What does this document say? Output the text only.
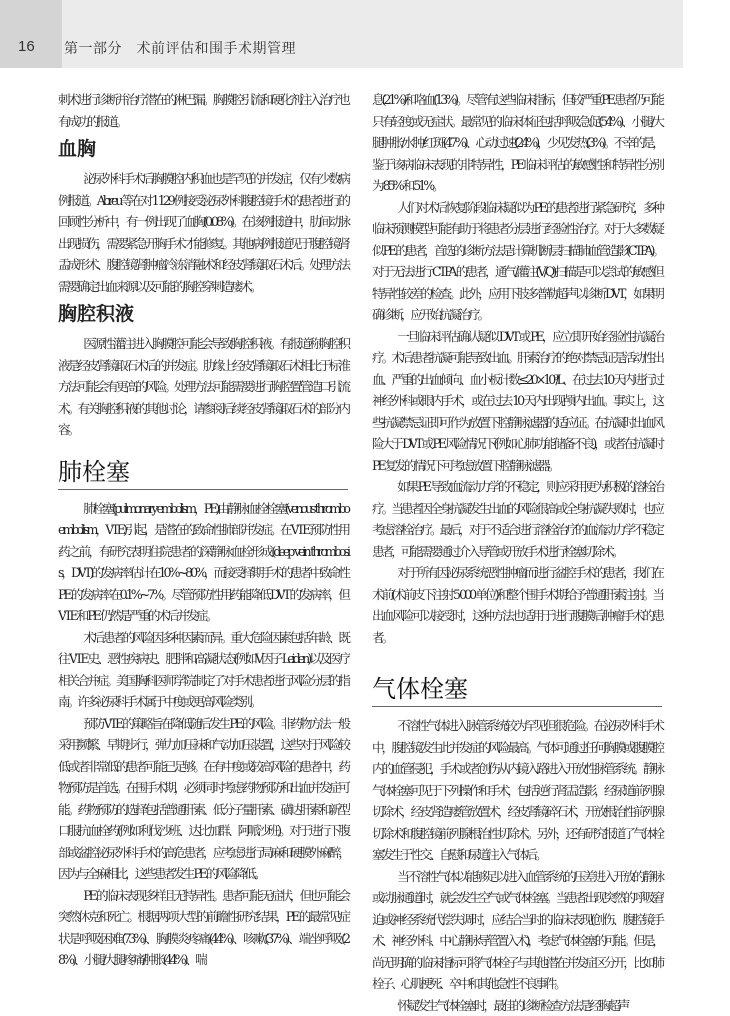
16 第一部分　术前评估和围手术期管理

刺术进行诊断并治疗潜在的淋巴漏。胸膜腔引流和硬化剂注入治疗也有成功的报道。

血胸

泌尿外科手术后胸膜腔内积血也是罕见的并发症，仅有少数病例报道。Abreu 等在对 1 129 例接受泌尿外科腹腔镜手术的患者进行的回顾性分析中，有一例出现了血胸(0.08%)。在该例报道中，肋间动脉出现损伤，需要紧急开胸手术才能修复。其他病例报道见于腹腔镜肾盂成形术、腹腔镜肾肿瘤冷冻消融术和经皮肾镜取石术后。处理方法需要确定出血来源以及可能的胸腔穿刺造瘘术。

胸腔积液

医源性灌注进入胸膜腔可能会导致胸腔积液。有报道称胸腔积液是经皮肾镜取石术后的并发症。肋缘上经皮肾镜取石术相比于标准方法可能会有更高的风险。处理方法可能需要进行胸腔置管造口引流术。有关胸腔积液的其他讨论，请参阅后续经皮肾镜取石术的部分内容。

肺栓塞

肺栓塞(pulmonary embolism，PE)由静脉血栓栓塞(venous thromboembolism，VTE)引起，是潜在的致命性肺部并发症。在 VTE 预防性用药之前，有研究表明住院患者的深静脉血栓形成(deep vein thrombosis，DVT)的发病率估计在10%~80%，而接受择期手术的患者中致命性 PE 的发病率在0.1%~7%。尽管预防性用药能降低 DVT 的发病率，但 VTE 和 PE 仍然是严重的术后并发症。

术后患者的风险因多种因素而异。重大危险因素包括年龄、既往 VTE 史、恶性疾病史、肥胖和高凝状态(例如Ⅴ因子 Leiden)以及医疗相关合并症。美国胸科医师学院制定了对手术患者进行风险分层的指南。许多泌尿科手术属于中度或更高风险类别。

预防 VTE 的策略旨在降低随后发生 PE 的风险。非药物方法一般采用频繁、早期步行，弹力加压袜和气动加压装置，这些对于风险较低或者非常低的患者可能已足够。在有中度或较高风险的患者中，药物预防是首选。在围手术期，必须同时考虑药物预防和出血并发症可能。药物预防的选择包括普通肝素、低分子量肝素、磺达肝素和新型口服抗血栓药(例如利伐沙班、达比加群、阿哌沙班)。对于进行下腹部或盆腔泌尿外科手术的高危患者，应考虑进行局麻和硬膜外麻醉，因为与全麻相比，这些患者发生 PE 的风险降低。

PE 的临床表现多样且无特异性。患者可能无症状，但也可能会突然休克和死亡。根据两项大型的前瞻性研究结果，PE 的最常见症状是呼吸困难(73%)、胸膜炎疼痛(44%)、咳嗽(37%)、端坐呼吸(28%)、小腿/大腿疼痛/肿胀(44%)、喘

息(21%)和咯血(13%)。尽管有这些临床指标，但较严重 PE 患者仍可能只有轻度或无症状。最常见的临床体征包括呼吸急促(54%)、小腿/大腿肿胀/水肿/红斑(47%)、心动过速(24%)，少见发热(3%)。不幸的是，鉴于该病临床表现的非特异性，PE 临床评估的敏感性和特异性分别为 85% 和 51%。

人们对术后恢复阶段临床疑似为 PE 的患者进行紧急研究，多种临床预测模型可能有助于将患者分层进行经验性治疗。对于大多数疑似 PE 的患者，首选的诊断方法是计算机断层扫描肺血管造影(CTPA)。对于无法进行 CTPA 的患者，通气/灌注(V/Q)扫描是可以尝试的敏感但特异性较差的检查。此外，应用下肢多普勒超声以诊断 DVT，如果明确诊断，应开始抗凝治疗。

一旦临床评估确认疑似 DVT 或 PE，应立即开始经验性抗凝治疗。术后患者抗凝可能导致出血。肝素治疗的绝对禁忌证是活动性出血、严重的出血倾向、血小板计数≤20×10⁹/L、在过去 10 天内进行过神经外科或眼内手术，或在过去 10 天内出现颅内出血。事实上，这些抗凝禁忌证即可作为放置下腔静脉滤器的适应证。在抗凝时出血风险大于 DVT 或 PE 风险情况下(例如心肺功能储备不良)，或者在抗凝时 PE 复发的情况下可考虑放置下腔静脉滤器。

如果 PE 导致血流动力学的不稳定，则应采用更为积极的溶栓治疗。当患者因全身抗凝发生出血的风险很高或全身抗凝失败时，也应考虑溶栓治疗。最后，对于不适合进行溶栓治疗的血流动力学不稳定患者，可能需要通过介入导管或开放手术进行栓塞切除术。

对于所有因泌尿系统恶性肿瘤而进行盆腔手术的患者，我们在术前(术前皮下注射 5 000 单位)和整个围手术期给予普通肝素注射。当出血风险可以接受时，这种方法也适用于进行腹膜后肿瘤手术的患者。

气体栓塞

不溶性气体进入脉管系统较为罕见但很危险。在泌尿外科手术中，腹腔镜发生此并发症的风险最高。气体可通过任何胸膜或腹膜腔内的血管侵犯，手术或者创伤从内镜入路进入开放性脉管系统。静脉气体栓塞可见于下列操作和手术，包括逆行肾盂造影，经尿道前列腺切除术，经皮肾造瘘管放置术，经皮肾镜碎石术，开放根治性前列腺切除术和腹腔镜前列腺根治性切除术。另外，还有研究报道了气体栓塞发生于性交、自慰和尿道注入气体后。

当不溶性气体以能够足以进入血管系统的压差进入开放的静脉或动脉通道时，就会发生空气或气体栓塞。当患者出现突然的呼吸窘迫或神经系统代偿失调时，应结合当时的临床表现(创伤、腹腔镜手术、神经外科、中心静脉导管置入术)，考虑气体栓塞的可能。但是，尚无明确的临床指标可将气体栓子与其他潜在并发症区分开，比如肺栓子、心肌梗死、卒中和其他急性不良事件。

怀疑发生气体栓塞时，最佳的诊断检查方法是经胸超声
